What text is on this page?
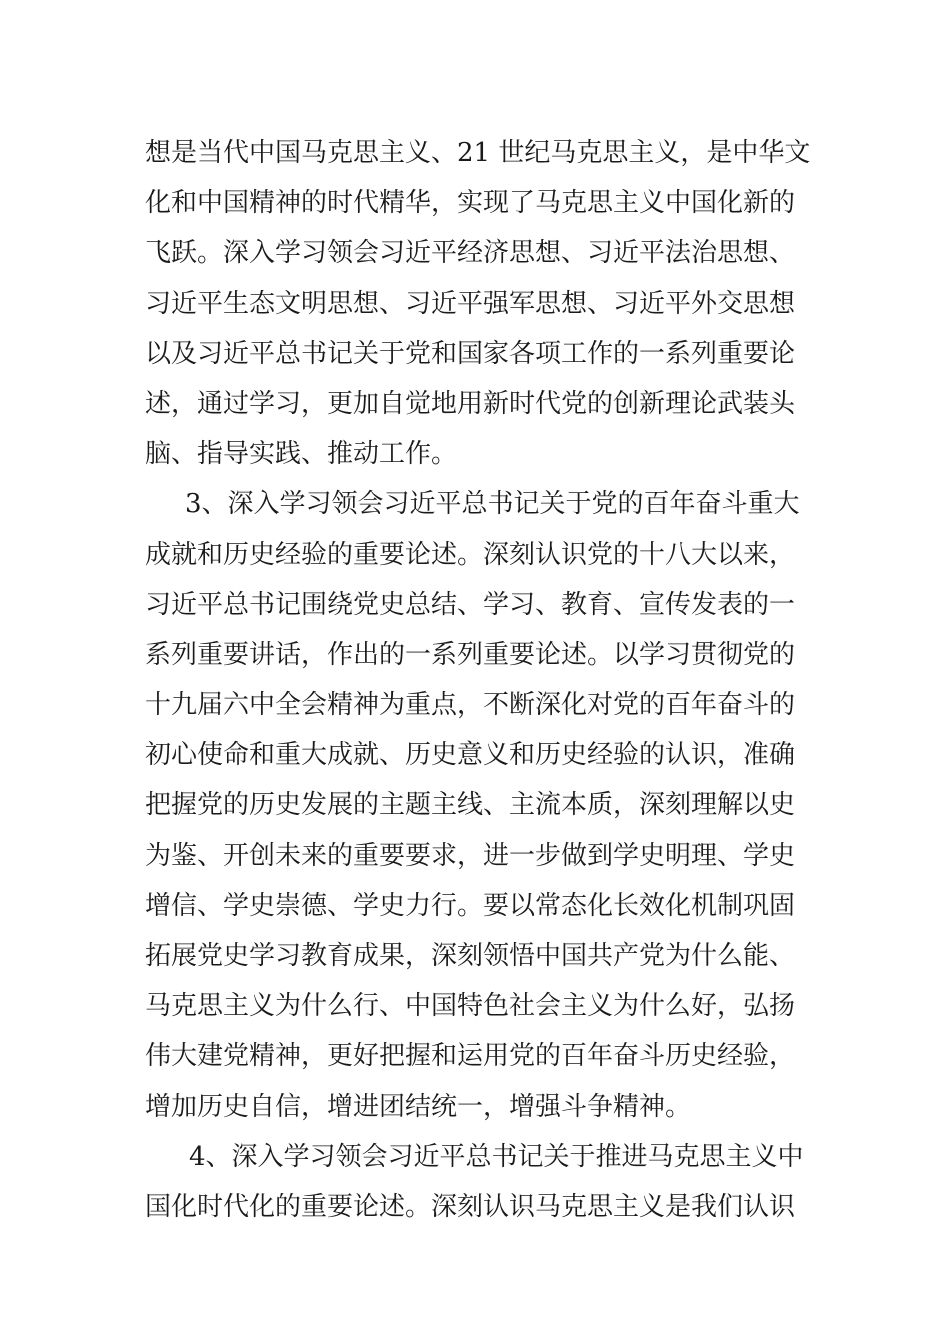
想是当代中国马克思主义、21 世纪马克思主义，是中华文
化和中国精神的时代精华，实现了马克思主义中国化新的
飞跃。深入学习领会习近平经济思想、习近平法治思想、
习近平生态文明思想、习近平强军思想、习近平外交思想
以及习近平总书记关于党和国家各项工作的一系列重要论
述，通过学习，更加自觉地用新时代党的创新理论武装头
脑、指导实践、推动工作。
3、深入学习领会习近平总书记关于党的百年奋斗重大
成就和历史经验的重要论述。深刻认识党的十八大以来，
习近平总书记围绕党史总结、学习、教育、宣传发表的一
系列重要讲话，作出的一系列重要论述。以学习贯彻党的
十九届六中全会精神为重点，不断深化对党的百年奋斗的
初心使命和重大成就、历史意义和历史经验的认识，准确
把握党的历史发展的主题主线、主流本质，深刻理解以史
为鉴、开创未来的重要要求，进一步做到学史明理、学史
增信、学史崇德、学史力行。要以常态化长效化机制巩固
拓展党史学习教育成果，深刻领悟中国共产党为什么能、
马克思主义为什么行、中国特色社会主义为什么好，弘扬
伟大建党精神，更好把握和运用党的百年奋斗历史经验，
增加历史自信，增进团结统一，增强斗争精神。
4、深入学习领会习近平总书记关于推进马克思主义中
国化时代化的重要论述。深刻认识马克思主义是我们认识
